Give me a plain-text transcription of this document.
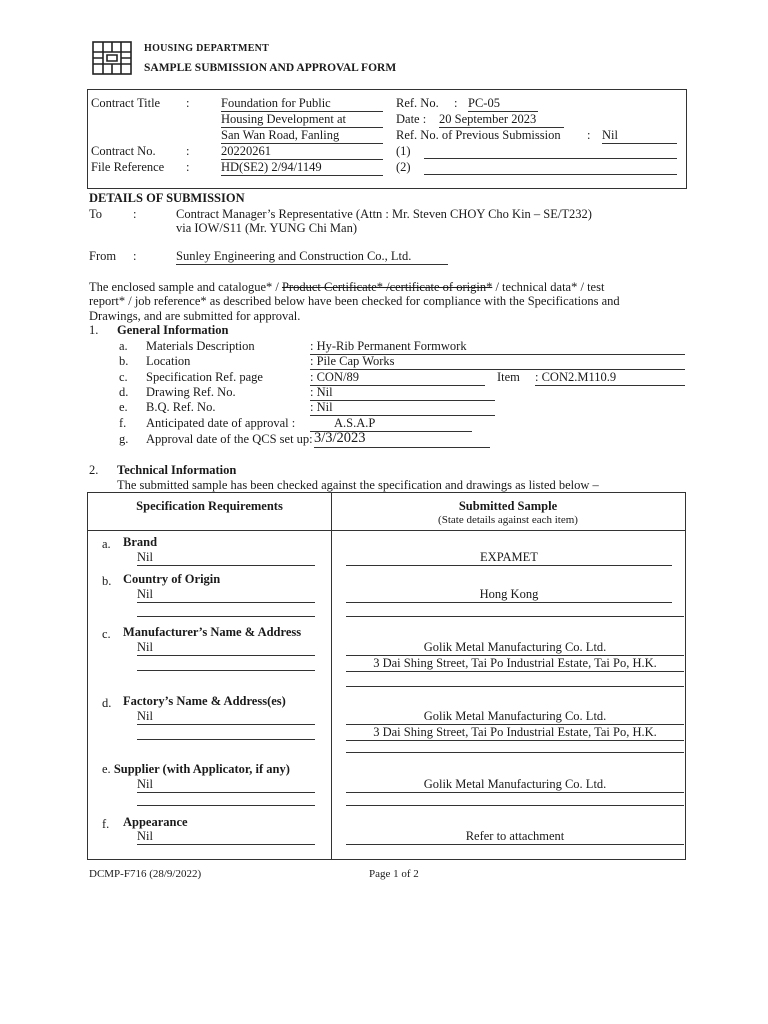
HOUSING DEPARTMENT
SAMPLE SUBMISSION AND APPROVAL FORM
Contract Title :	Foundation for Public
Housing Development at
San Wan Road, Fanling
Contract No. :	20220261
File Reference :	HD(SE2) 2/94/1149
Ref. No. : PC-05
Date : 20 September 2023
Ref. No. of Previous Submission : Nil
(1)
(2)
DETAILS OF SUBMISSION
To :	Contract Manager’s Representative (Attn : Mr. Steven CHOY Cho Kin – SE/T232)
via IOW/S11 (Mr. YUNG Chi Man)
From :	Sunley Engineering and Construction Co., Ltd.
The enclosed sample and catalogue* / Product Certificate* /certificate of origin* / technical data* / test
report* / job reference* as described below have been checked for compliance with the Specifications and
Drawings, and are submitted for approval.
1. General Information
a. Materials Description	: Hy-Rib Permanent Formwork
b. Location	: Pile Cap Works
c. Specification Ref. page	: CON/89	Item : CON2.M110.9
d. Drawing Ref. No.	: Nil
e. B.Q. Ref. No.	: Nil
f. Anticipated date of approval :	A.S.A.P
g. Approval date of the QCS set up: 3/3/2023
2. Technical Information
The submitted sample has been checked against the specification and drawings as listed below –
Specification Requirements	Submitted Sample
(State details against each item)
a. Brand
Nil	EXPAMET
b. Country of Origin
Nil	Hong Kong
c. Manufacturer’s Name & Address
Nil	Golik Metal Manufacturing Co. Ltd.
3 Dai Shing Street, Tai Po Industrial Estate, Tai Po, H.K.
d. Factory’s Name & Address(es)
Nil	Golik Metal Manufacturing Co. Ltd.
3 Dai Shing Street, Tai Po Industrial Estate, Tai Po, H.K.
e. Supplier (with Applicator, if any)
Nil	Golik Metal Manufacturing Co. Ltd.
f. Appearance
Nil	Refer to attachment
DCMP-F716 (28/9/2022)	Page 1 of 2
